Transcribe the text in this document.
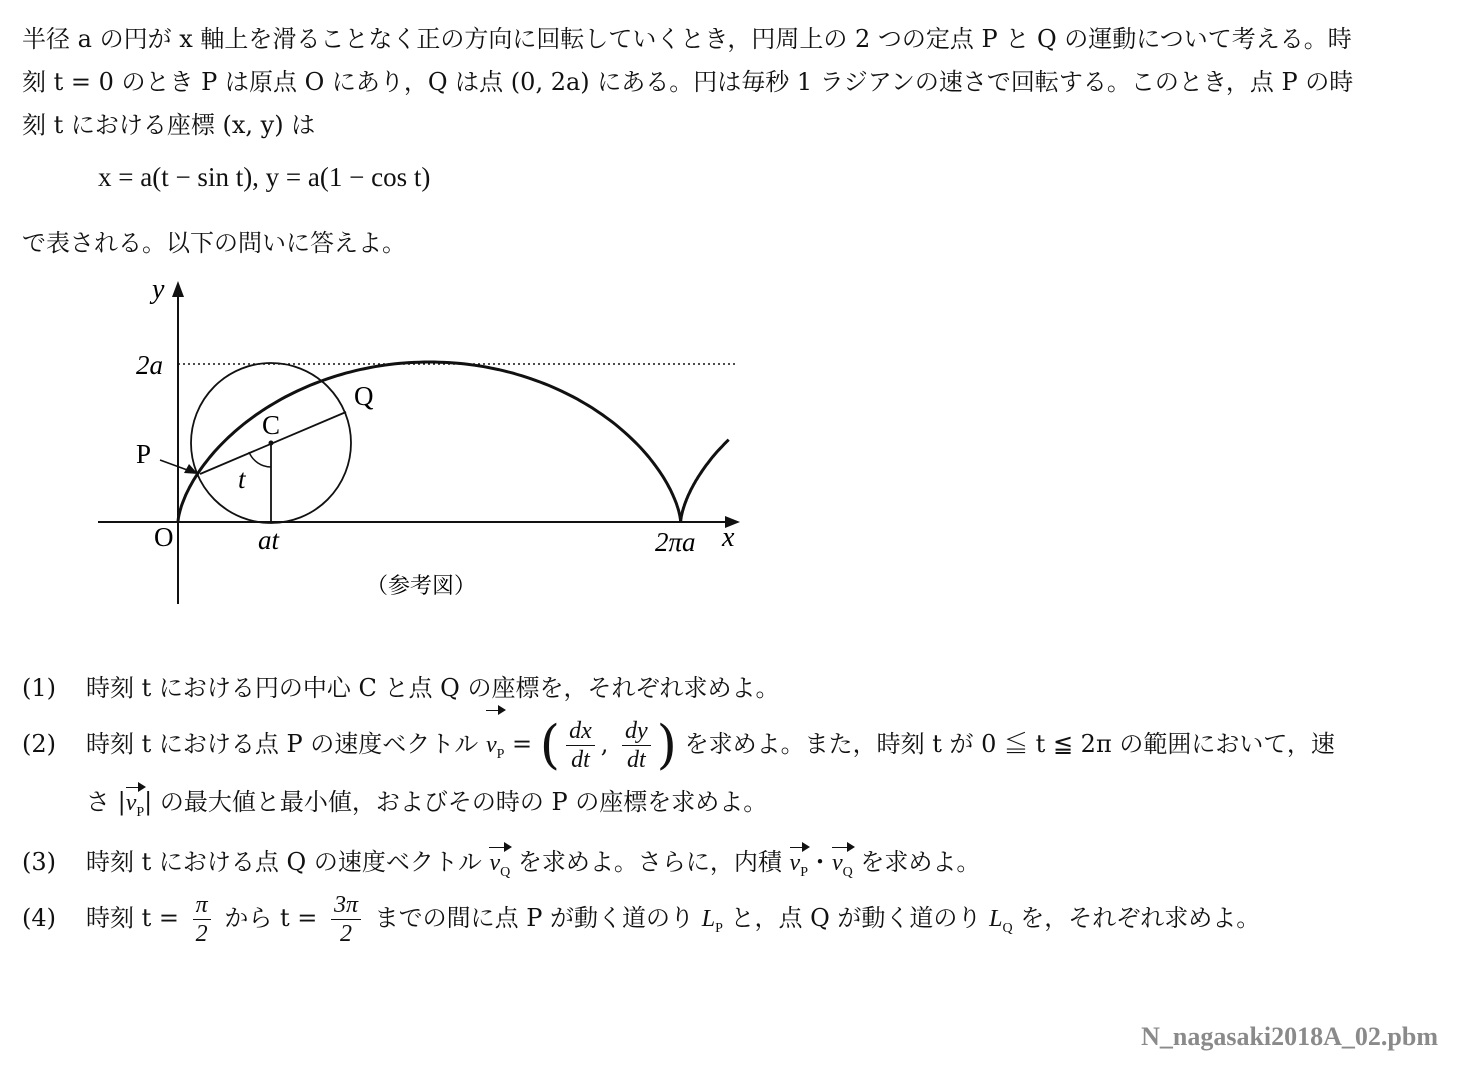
半径 a の円が x 軸上を滑ることなく正の方向に回転していくとき，円周上の 2 つの定点 P と Q の運動について考える。時
刻 t = 0 のとき P は原点 O にあり，Q は点 (0, 2a) にある。円は毎秒 1 ラジアンの速さで回転する。このとき，点 P の時
刻 t における座標 (x, y) は
x = a(t − sin t), y = a(1 − cos t)
で表される。以下の問いに答えよ。
y
2a
Q
C
P
t
O	at	2πa x
（参考図）
(1) 時刻 t における円の中心 C と点 Q の座標を，それぞれ求めよ。
(2) 時刻 t における点 P の速度ベクトル $v_P$ = ( $\frac{dx}{dt}$ , $\frac{dy}{dt}$ ) を求めよ。また，時刻 t が 0 ≦ t ≦ 2π の範囲において，速
さ $|v_P|$ の最大値と最小値，およびその時の P の座標を求めよ。
(3) 時刻 t における点 Q の速度ベクトル $v_Q$ を求めよ。さらに，内積 $v_P$・$v_Q$ を求めよ。
(4) 時刻 $t = \frac{\pi}{2}$ から $t = \frac{3\pi}{2}$ までの間に点 P が動く道のり $L_P$ と，点 Q が動く道のり $L_Q$ を，それぞれ求めよ。
N_nagasaki2018A_02.pbm
